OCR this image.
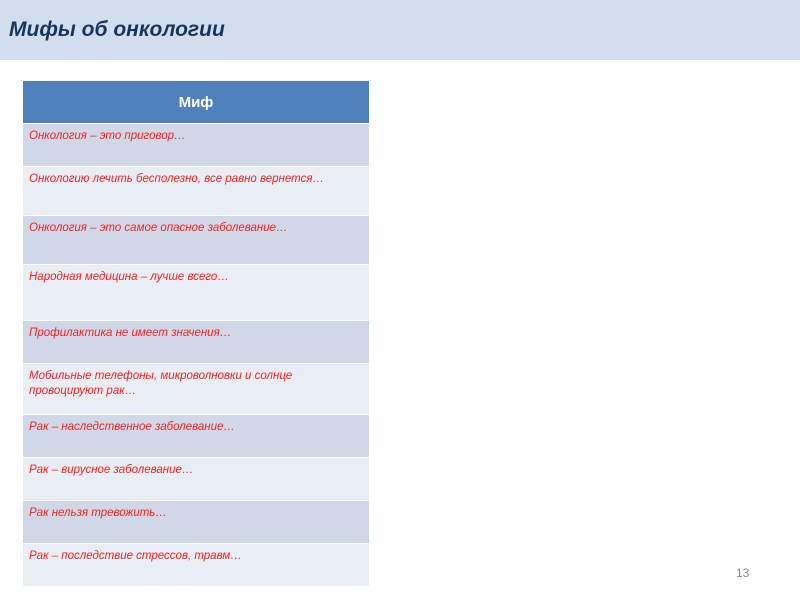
Мифы об онкологии
Миф
Онкология – это приговор…
Онкологию лечить бесполезно, все равно вернется…
Онкология – это самое опасное заболевание…
Народная медицина – лучше всего…
Профилактика не имеет значения…
Мобильные телефоны, микроволновки и солнце провоцируют рак…
Рак – наследственное заболевание…
Рак – вирусное заболевание…
Рак нельзя тревожить…
Рак – последствие стрессов, травм…
13
